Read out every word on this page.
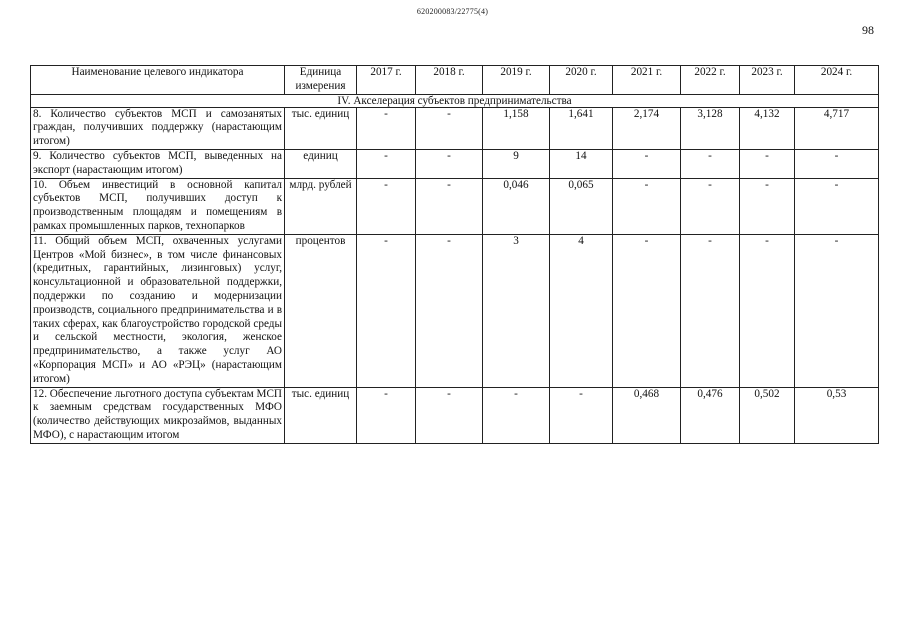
620200083/22775(4)
98
Наименование целевого индикатора	Единица измерения	2017 г.	2018 г.	2019 г.	2020 г.	2021 г.	2022 г.	2023 г.	2024 г.
IV. Акселерация субъектов предпринимательства									

8. Количество субъектов МСП и самозанятых граждан, получивших поддержку (нарастающим итогом)	тыс. единиц	-	-	1,158	1,641	2,174	3,128	4,132	4,717

9. Количество субъектов МСП, выведенных на экспорт (нарастающим итогом)	единиц	-	-	9	14	-	-	-	-

10. Объем инвестиций в основной капитал субъектов МСП, получивших доступ к производственным площадям и помещениям в рамках промышленных парков, технопарков	млрд. рублей	-	-	0,046	0,065	-	-	-	-

11. Общий объем МСП, охваченных услугами Центров «Мой бизнес», в том числе финансовых (кредитных, гарантийных, лизинговых) услуг, консультационной и образовательной поддержки, поддержки по созданию и модернизации производств, социального предпринимательства и в таких сферах, как благоустройство городской среды и сельской местности, экология, женское предпринимательство, а также услуг АО «Корпорация МСП» и АО «РЭЦ» (нарастающим итогом)	процентов	-	-	3	4	-	-	-	-

12. Обеспечение льготного доступа субъектам МСП к заемным средствам государственных МФО (количество действующих микрозаймов, выданных МФО), с нарастающим итогом	тыс. единиц	-	-	-	-	0,468	0,476	0,502	0,53
